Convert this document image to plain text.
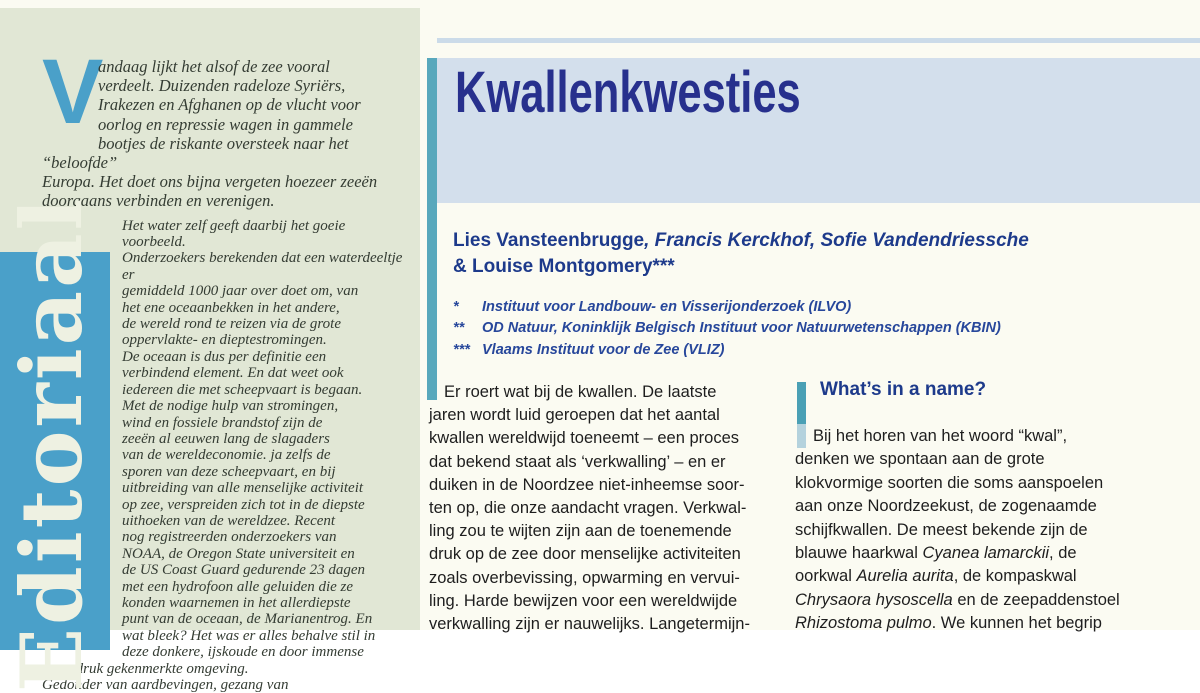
V
andaag lijkt het alsof de zee vooral
verdeelt. Duizenden radeloze Syriërs,
Irakezen en Afghanen op de vlucht voor
oorlog en repressie wagen in gammele
bootjes de riskante oversteek naar het “beloofde”
Europa. Het doet ons bijna vergeten hoezeer zeeën
doorgaans verbinden en verenigen.

Editoriaal Het water zelf geeft daarbij het goeie voorbeeld.
Onderzoekers berekenden dat een waterdeeltje er
gemiddeld 1000 jaar over doet om, van
het ene oceaanbekken in het andere,
de wereld rond te reizen via de grote
oppervlakte- en dieptestromingen.
De oceaan is dus per definitie een
verbindend element. En dat weet ook
iedereen die met scheepvaart is begaan.
Met de nodige hulp van stromingen,
wind en fossiele brandstof zijn de
zeeën al eeuwen lang de slagaders
van de wereldeconomie. ja zelfs de
sporen van deze scheepvaart, en bij
uitbreiding van alle menselijke activiteit
op zee, verspreiden zich tot in de diepste
uithoeken van de wereldzee. Recent
nog registreerden onderzoekers van
NOAA, de Oregon State universiteit en
de US Coast Guard gedurende 23 dagen
met een hydrofoon alle geluiden die ze
konden waarnemen in het allerdiepste
punt van de oceaan, de Marianentrog. En
wat bleek? Het was er alles behalve stil in
deze donkere, ijskoude en door immense
waterdruk gekenmerkte omgeving.
Gedonder van aardbevingen, gezang van

Kwallenkwesties
Lies Vansteenbrugge, Francis Kerckhof, Sofie Vandendriessche
& Louise Montgomery***
*	Instituut voor Landbouw- en Visserijonderzoek (ILVO)
**	OD Natuur, Koninklijk Belgisch Instituut voor Natuurwetenschappen (KBIN)
*** Vlaams Instituut voor de Zee (VLIZ)
Er roert wat bij de kwallen. De laatste
jaren wordt luid geroepen dat het aantal
kwallen wereldwijd toeneemt – een proces
dat bekend staat als ‘verkwalling’ – en er
duiken in de Noordzee niet-inheemse soor-
ten op, die onze aandacht vragen. Verkwal-
ling zou te wijten zijn aan de toenemende
druk op de zee door menselijke activiteiten
zoals overbevissing, opwarming en vervui-
ling. Harde bewijzen voor een wereldwijde
verkwalling zijn er nauwelijks. Langetermijn-
What’s in a name?
Bij het horen van het woord “kwal”,
denken we spontaan aan de grote
klokvormige soorten die soms aanspoelen
aan onze Noordzeekust, de zogenaamde
schijfkwallen. De meest bekende zijn de
blauwe haarkwal Cyanea lamarckii, de
oorkwal Aurelia aurita, de kompaskwal
Chrysaora hysoscella en de zeepaddenstoel
Rhizostoma pulmo. We kunnen het begrip
